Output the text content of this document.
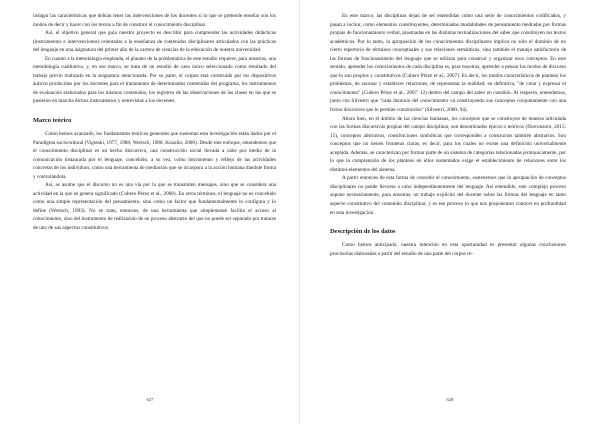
indagar las características que debían tener las intervenciones de los docentes si lo que se pretende enseñar son los modos de decir y hacer con los textos a fin de construir el conocimiento disciplinar.

Así, el objetivo general que guía nuestro proyecto es describir para comprender las actividades didácticas (instrumentos e intervenciones) orientadas a la enseñanza de contenidos disciplinares articulados con las prácticas del lenguaje en una asignatura del primer año de la carrera de ciencias de la educación de nuestra universidad.

En cuanto a la metodología empleada, el planteo de la problemática de este estudio requiere, para nosotras, una metodología cualitativa; y, en ese marco, se trata de un estudio de caso único seleccionado como resultado del trabajo previo realizado en la asignatura mencionada. Por su parte, el corpus está construido por los dispositivos áulicos producidos por los docentes para el tratamiento de determinados contenidos del programa, los instrumentos de evaluación elaborados para los mismos contenidos, los registros de las observaciones de las clases en las que se pusieron en marcha dichos instrumentos y entrevistas a los docentes.

Marco teórico

Como hemos avanzado, los fundamentos teóricos generales que sustentan esta investigación están dados por el Paradigma sociocultural (Vigotski, 1977, 1988; Wertsch, 1988; Kozulin, 2000). Desde este enfoque, entendemos que el conocimiento disciplinar es un hecho discursivo, una construcción social llevada a cabo por medio de la comunicación instaurada por el lenguaje, concebido, a su vez, como instrumento y reflejo de las actividades concretas de los individuos, como una herramienta de mediación que se incorpora a la acción humana dándole forma y controlándola.

Así, se asume que el discurso no es una vía por la que se transmiten mensajes, sino que se considera una actividad en la que se genera significado (Cubero Pérez et al., 2008). En otros términos, el lenguaje no es concebido como una simple representación del pensamiento, sino como un factor que fundamentalmente lo configura y lo define (Wertsch, 1993). No se trata, entonces, de una herramienta que simplemente facilita el acceso al conocimiento, sino del instrumento de realización de un proceso abstracto del que no puede ser separado por tratarse de uno de sus aspectos constitutivos.

627

En este marco, las disciplinas dejan de ser entendidas como una serie de conocimientos codificados, y pasan a incluir, como elementos constituyentes, determinadas modalidades de pensamiento mediadas por formas propias de funcionamiento verbal, plasmadas en las distintas textualizaciones del saber que constituyen los textos académicos. Por lo tanto, la apropiación de los conocimientos disciplinares implica no sólo el dominio de un cierto repertorio de términos conceptuales y sus relaciones semánticas, sino también el manejo satisfactorio de las formas de funcionamiento del lenguaje que se utilizan para construir y organizar esos conceptos. En este sentido, aprender los conocimientos de cada disciplina es, para nosotras, aprender a pensar los modos de discurso que lo son propios y constitutivos (Cubero Pérez et al., 2007). Es decir, los modos característicos de plantear los problemas, de razonar y establecer relaciones, de representar la realidad; en definitiva, "de crear y expresar el conocimiento" (Cubero Pérez et al., 2007: 12) dentro del campo del saber en cuestión. Al respecto, entendemos, junto con Silvestri que "cada dominio del conocimiento va construyendo sus conceptos conjuntamente con una forma discursiva que le permite construirlos" (Silvestri, 2000: 94).

Ahora bien, en el ámbito de las ciencias humanas, los conceptos que se construyen de manera articulada con las formas discursivas propias del campo disciplinar, son denominados épicos o teóricos (Dorronzoro, 2015: 15), conceptos abstractos, constituciones simbólicas que corresponden a constructos también abstractos. Son conceptos que no tienen fronteras claras, es decir, para los cuales no existe una definición universalmente aceptada. Además, se caracterizan por formar parte de un sistema de categorías relacionadas jerárquicamente, por lo que la comprensión de los planteos en ellos sustentados exige el establecimiento de relaciones entre los distintos elementos del sistema.

A partir entonces de esta forma de concebir el conocimiento, sostenemos que la apropiación de conceptos disciplinares no puede llevarse a cabo independientemente del lenguaje. Así entendido, este complejo proceso supone necesariamente, para nosotras, un trabajo explícito del docente sobre las formas del lenguaje en tanto aspecto constitutivo del contenido disciplinar, y es ese proceso lo que nos proponemos conocer en profundidad en esta investigación.

Descripción de los datos

Como hemos anticipado, nuestra intención en esta oportunidad es presentar algunas conclusiones provisorias elaboradas a partir del estudio de una parte del corpus re-

628
